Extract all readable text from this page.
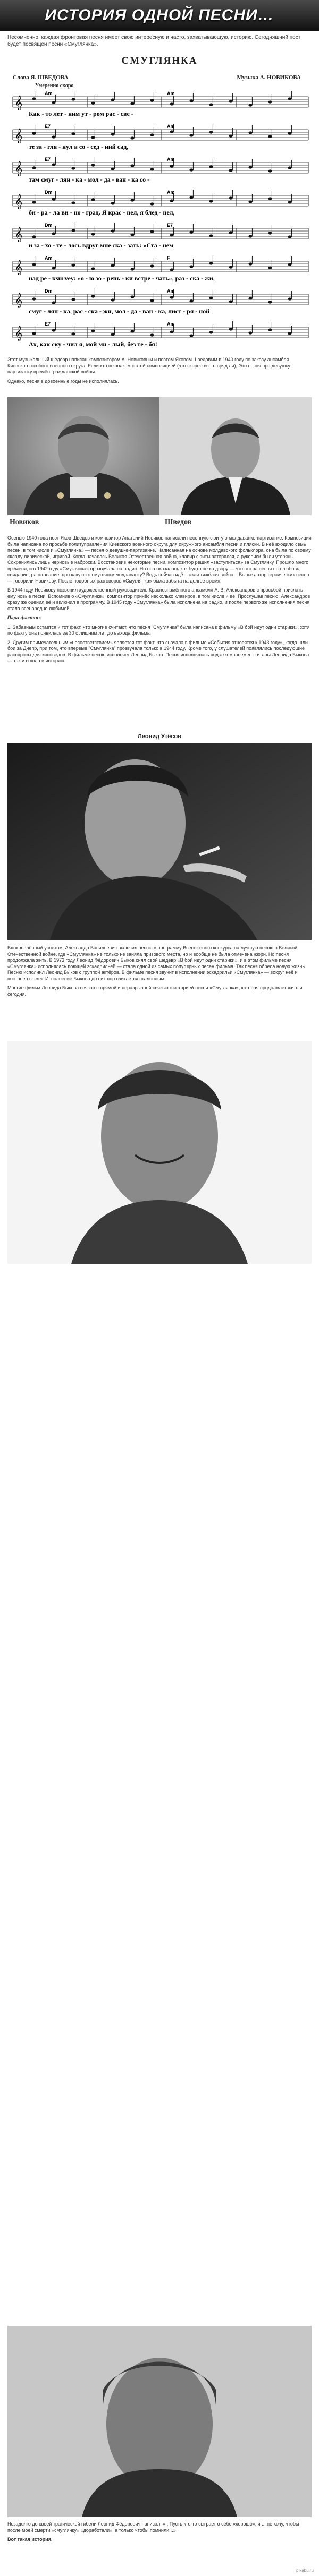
ИСТОРИЯ ОДНОЙ ПЕСНИ…
Несомненно, каждая фронтовая песня имеет свою интересную и часто, захватывающую, историю. Сегодняшний пост будет посвящен песни «Смуглянка».
СМУГЛЯНКА
Слова Я. ШВЕДОВА	Музыка А. НОВИКОВА
Умеренно скоро
𝄞
Am	Am
Как - то лет - ним ут - ром рас - све -
𝄞
E7	Am
те за - гля - нул в со - сед - ний сад,
𝄞
E7	Am
там смуг - лян - ка - мол - да - ван - ка со -
𝄞
Dm	Am
би - ра - ла ви - но - град. Я крас - нел, я блед - нел,
𝄞
Dm	E7
и за - хо - те - лось вдруг мне ска - зать: «Ста - нем
𝄞
Am	F
над ре - кsurvey: «о - ю зо - рень - ки встре - чать», раз - ска - жи,
𝄞
Dm	Am
смуг - лян - ка, рас - ска - жи, мол - да - ван - ка, лист - ря - ной
𝄞
E7	Am
Ах, как ску - чил я, мой ми - лый, без те - бя!

Этот музыкальный шедевр написан композитором А. Новиковым и поэтом Яковом Шведовым в 1940 году по заказу ансамбля Киевского особого военного округа. Если кто не знаком с этой композицией (что скорее всего вряд ли), Это песня про девушку-партизанку времён гражданской войны.

Однако, песня в довоенные годы не исполнялась.

Новиков	Шведов

Осенью 1940 года поэт Яков Шведов и композитор Анатолий Новиков написали песенную сюиту о молдаванке-партизанке. Композиция была написана по просьбе политуправления Киевского военного округа для окружного ансамбля песни и пляски. В неё входило семь песен, в том числе и «Смуглянка» — песня о девушке-партизанке. Написанная на основе молдавского фольклора, она была по своему складу лирической, игривой. Когда началась Великая Отечественная война, клавир сюиты затерялся, а рукописи были утеряны. Сохранились лишь черновые наброски. Восстановив некоторые песни, композитор решил «заступиться» за Смуглянку. Прошло много времени, и в 1942 году «Смуглянка» прозвучала на радио. Но она оказалась как будто не ко двору — что это за песня про любовь, свидание, расставание, про какую-то смуглянку-молдаванку? Ведь сейчас идёт такая тяжёлая война... Вы же автор героических песен — говорили Новикову. После подобных разговоров «Смуглянка» была забыта на долгое время.

В 1944 году Новикову позвонил художественный руководитель Краснознамённого ансамбля А. В. Александров с просьбой прислать ему новые песни. Вспомнив о «Смуглянке», композитор принёс несколько клавиров, в том числе и её. Прослушав песню, Александров сразу же оценил её и включил в программу. В 1945 году «Смуглянка» была исполнена на радио, и после первого же исполнения песня стала всенародно любимой.

Пара фактов:

1. Забавным остается и тот факт, что многие считают, что песня "Смуглянка" была написана к фильму «В бой идут одни старики», хотя по факту она появилась за 30 с лишним лет до выхода фильма.

2. Другим примечательным «несоответствием» является тот факт, что сначала в фильме «События относятся к 1943 году», когда шли бои за Днепр, при том, что впервые "Смуглянка" прозвучала только в 1944 году. Кроме того, у слушателей появлялись поcледующие расспросы для киноведов. В фильме песню исполняет Леонид Быков. Песня исполнялась под аккомпанемент гитары Леонида Быкова — так и вошла в историю.

Леонид Утёсов

Вдохновлённый успехом, Александр Васильевич включил песню в программу Всесоюзного конкурса на лучшую песню о Великой Отечественной войне, где «Смуглянка» не только не заняла призового места, но и вообще не была отмечена жюри. Но песня продолжала жить. В 1973 году Леонид Фёдорович Быков снял свой шедевр «В бой идут одни старики», и в этом фильме песня «Смуглянка» исполнялась поющей эскадрильей — стала одной из самых популярных песен фильма. Так песня обрела новую жизнь. Песню исполнил Леонид Быков с группой актёров. В фильме песня звучит в исполнении эскадрильи «Смуглянка» — вокруг неё и построен сюжет. Исполнение Быкова до сих пор считается эталонным.

Многие фильм Леонида Быкова связан с прямой и неразрывной связью с историей песни «Смуглянка», которая продолжает жить и сегодня.

Незадолго до своей трагической гибели Леонид Фёдорович написал: «...Пусть кто-то сыграет о себе «хорошо», я ... не хочу, чтобы после моей смерти «смуглянку» «доработали», а только чтобы помнили...»

Вот такая история.

pikabu.ru
